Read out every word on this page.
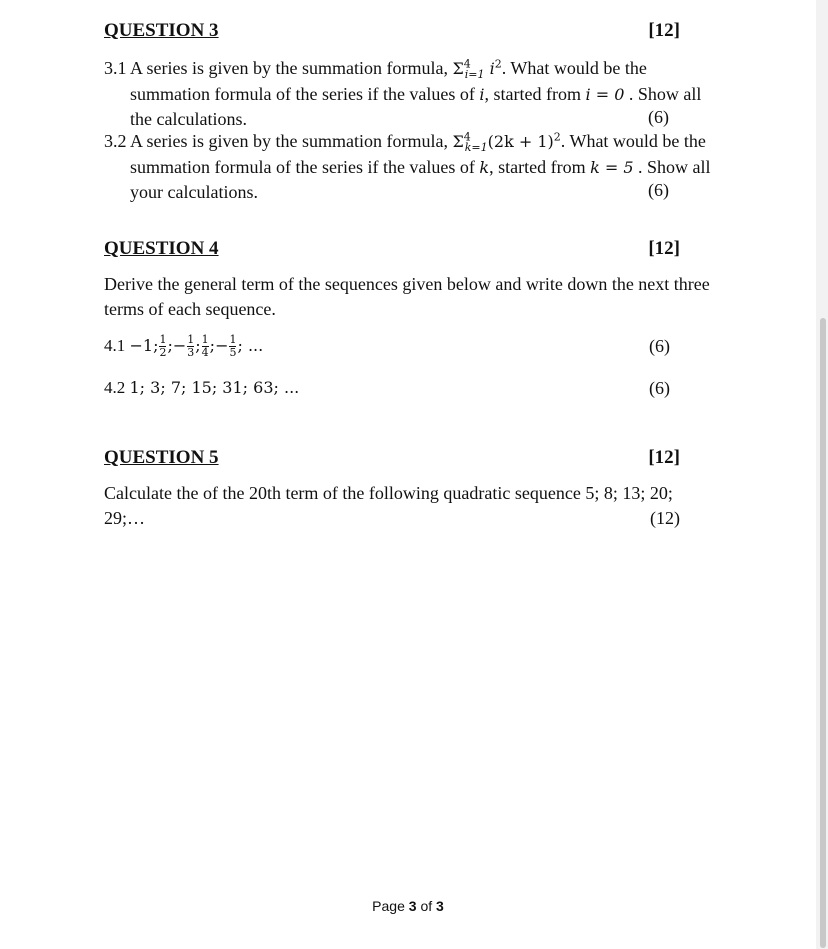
QUESTION 3	[12]
3.1 A series is given by the summation formula, $\Sigma^4_{i=1}$ $i^2$. What would be the summation formula of the series if the values of i, started from i = 0 . Show all the calculations.	(6)
3.2 A series is given by the summation formula, $\Sigma^4_{k=1}(2k + 1)^2$. What would be the summation formula of the series if the values of k, started from k = 5 . Show all your calculations.	(6)
QUESTION 4	[12]
Derive the general term of the sequences given below and write down the next three terms of each sequence.
4.1 −1; $\frac{1}{2}$ ;− $\frac{1}{3}$ ; $\frac{1}{4}$ ;− $\frac{1}{5}$ ; ...	(6)
4.2 1; 3; 7; 15; 31; 63; ...	(6)
QUESTION 5	[12]
Calculate the of the 20th term of the following quadratic sequence 5; 8; 13; 20;
29;…	(12)
Page 3 of 3
